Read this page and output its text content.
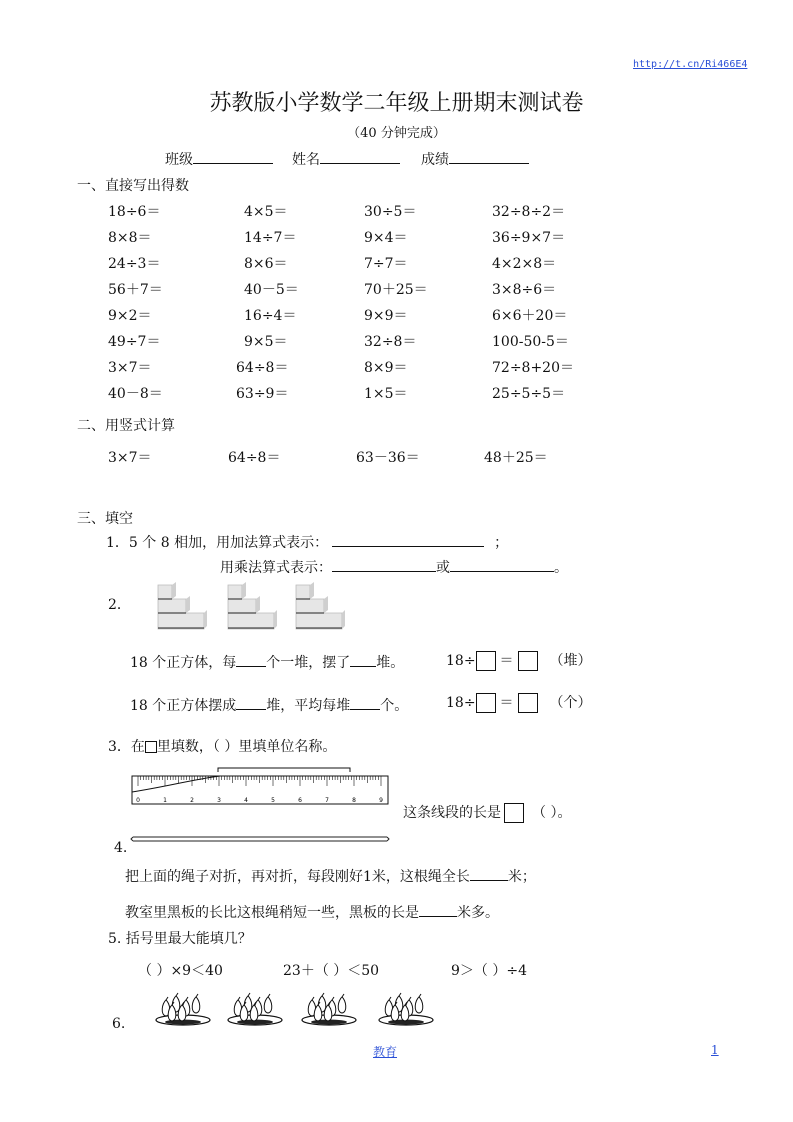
http://t.cn/Ri466E4
苏教版小学数学二年级上册期末测试卷
（40 分钟完成）
班级	姓名	成绩
一、直接写出得数
18÷6＝	4×5＝	30÷5＝	32÷8÷2＝
8×8＝	14÷7＝	9×4＝	36÷9×7＝
24÷3＝	8×6＝	7÷7＝	4×2×8＝
56＋7＝	40－5＝	70＋25＝	3×8÷6＝
9×2＝	16÷4＝	9×9＝	6×6＋20＝
49÷7＝	9×5＝	32÷8＝	100-50-5＝
3×7＝	64÷8＝	8×9＝	72÷8+20＝
40－8＝	63÷9＝	1×5＝	25÷5÷5＝
二、用竖式计算
3×7＝	64÷8＝	63－36＝	48＋25＝
三、填空
1．5 个 8 相加，用加法算式表示：	；
用乘法算式表示：	或	。
2．
18 个正方体，每 个一堆，摆了 堆。	18÷ ＝	（堆）
18 个正方体摆成 堆，平均每堆 个。	18÷ ＝	（个）
3．在 里填数，（ ）里填单位名称。
0	1	2	3	4	5	6	7	8	9
这条线段的长是 （ ）。
4.
把上面的绳子对折，再对折，每段刚好1米，这根绳全长	米；
教室里黑板的长比这根绳稍短一些，黑板的长是	米多。
5. 括号里最大能填几？
（ ）×9＜40	23＋（ ）＜50	9＞（ ）÷4
6.
教育	1
